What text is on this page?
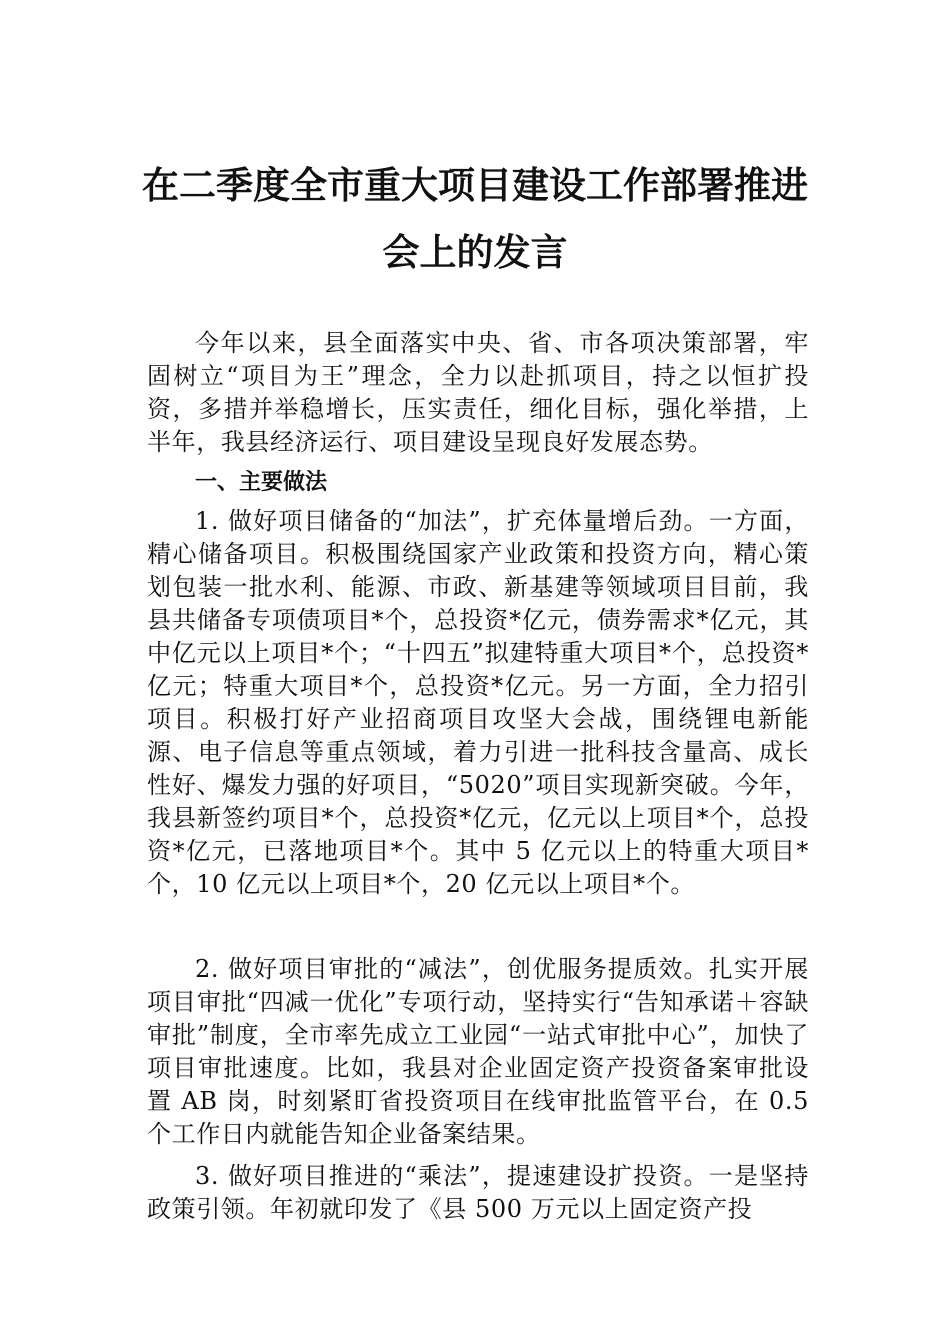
在二季度全市重大项目建设工作部署推进
会上的发言
今年以来，县全面落实中央、省、市各项决策部署，牢固树立“项目为王”理念，全力以赴抓项目，持之以恒扩投资，多措并举稳增长，压实责任，细化目标，强化举措，上半年，我县经济运行、项目建设呈现良好发展态势。
一、主要做法
1. 做好项目储备的“加法”，扩充体量增后劲。一方面，精心储备项目。积极围绕国家产业政策和投资方向，精心策划包装一批水利、能源、市政、新基建等领域项目目前，我县共储备专项债项目*个，总投资*亿元，债券需求*亿元，其中亿元以上项目*个；“十四五”拟建特重大项目*个，总投资*亿元；特重大项目*个，总投资*亿元。另一方面，全力招引项目。积极打好产业招商项目攻坚大会战，围绕锂电新能源、电子信息等重点领域，着力引进一批科技含量高、成长性好、爆发力强的好项目，“5020”项目实现新突破。今年，我县新签约项目*个，总投资*亿元，亿元以上项目*个，总投资*亿元，已落地项目*个。其中 5 亿元以上的特重大项目*个，10 亿元以上项目*个，20 亿元以上项目*个。
2. 做好项目审批的“减法”，创优服务提质效。扎实开展项目审批“四减一优化”专项行动，坚持实行“告知承诺＋容缺审批”制度，全市率先成立工业园“一站式审批中心”，加快了项目审批速度。比如，我县对企业固定资产投资备案审批设置 AB 岗，时刻紧盯省投资项目在线审批监管平台，在 0.5 个工作日内就能告知企业备案结果。
3. 做好项目推进的“乘法”，提速建设扩投资。一是坚持政策引领。年初就印发了《县 500 万元以上固定资产投
